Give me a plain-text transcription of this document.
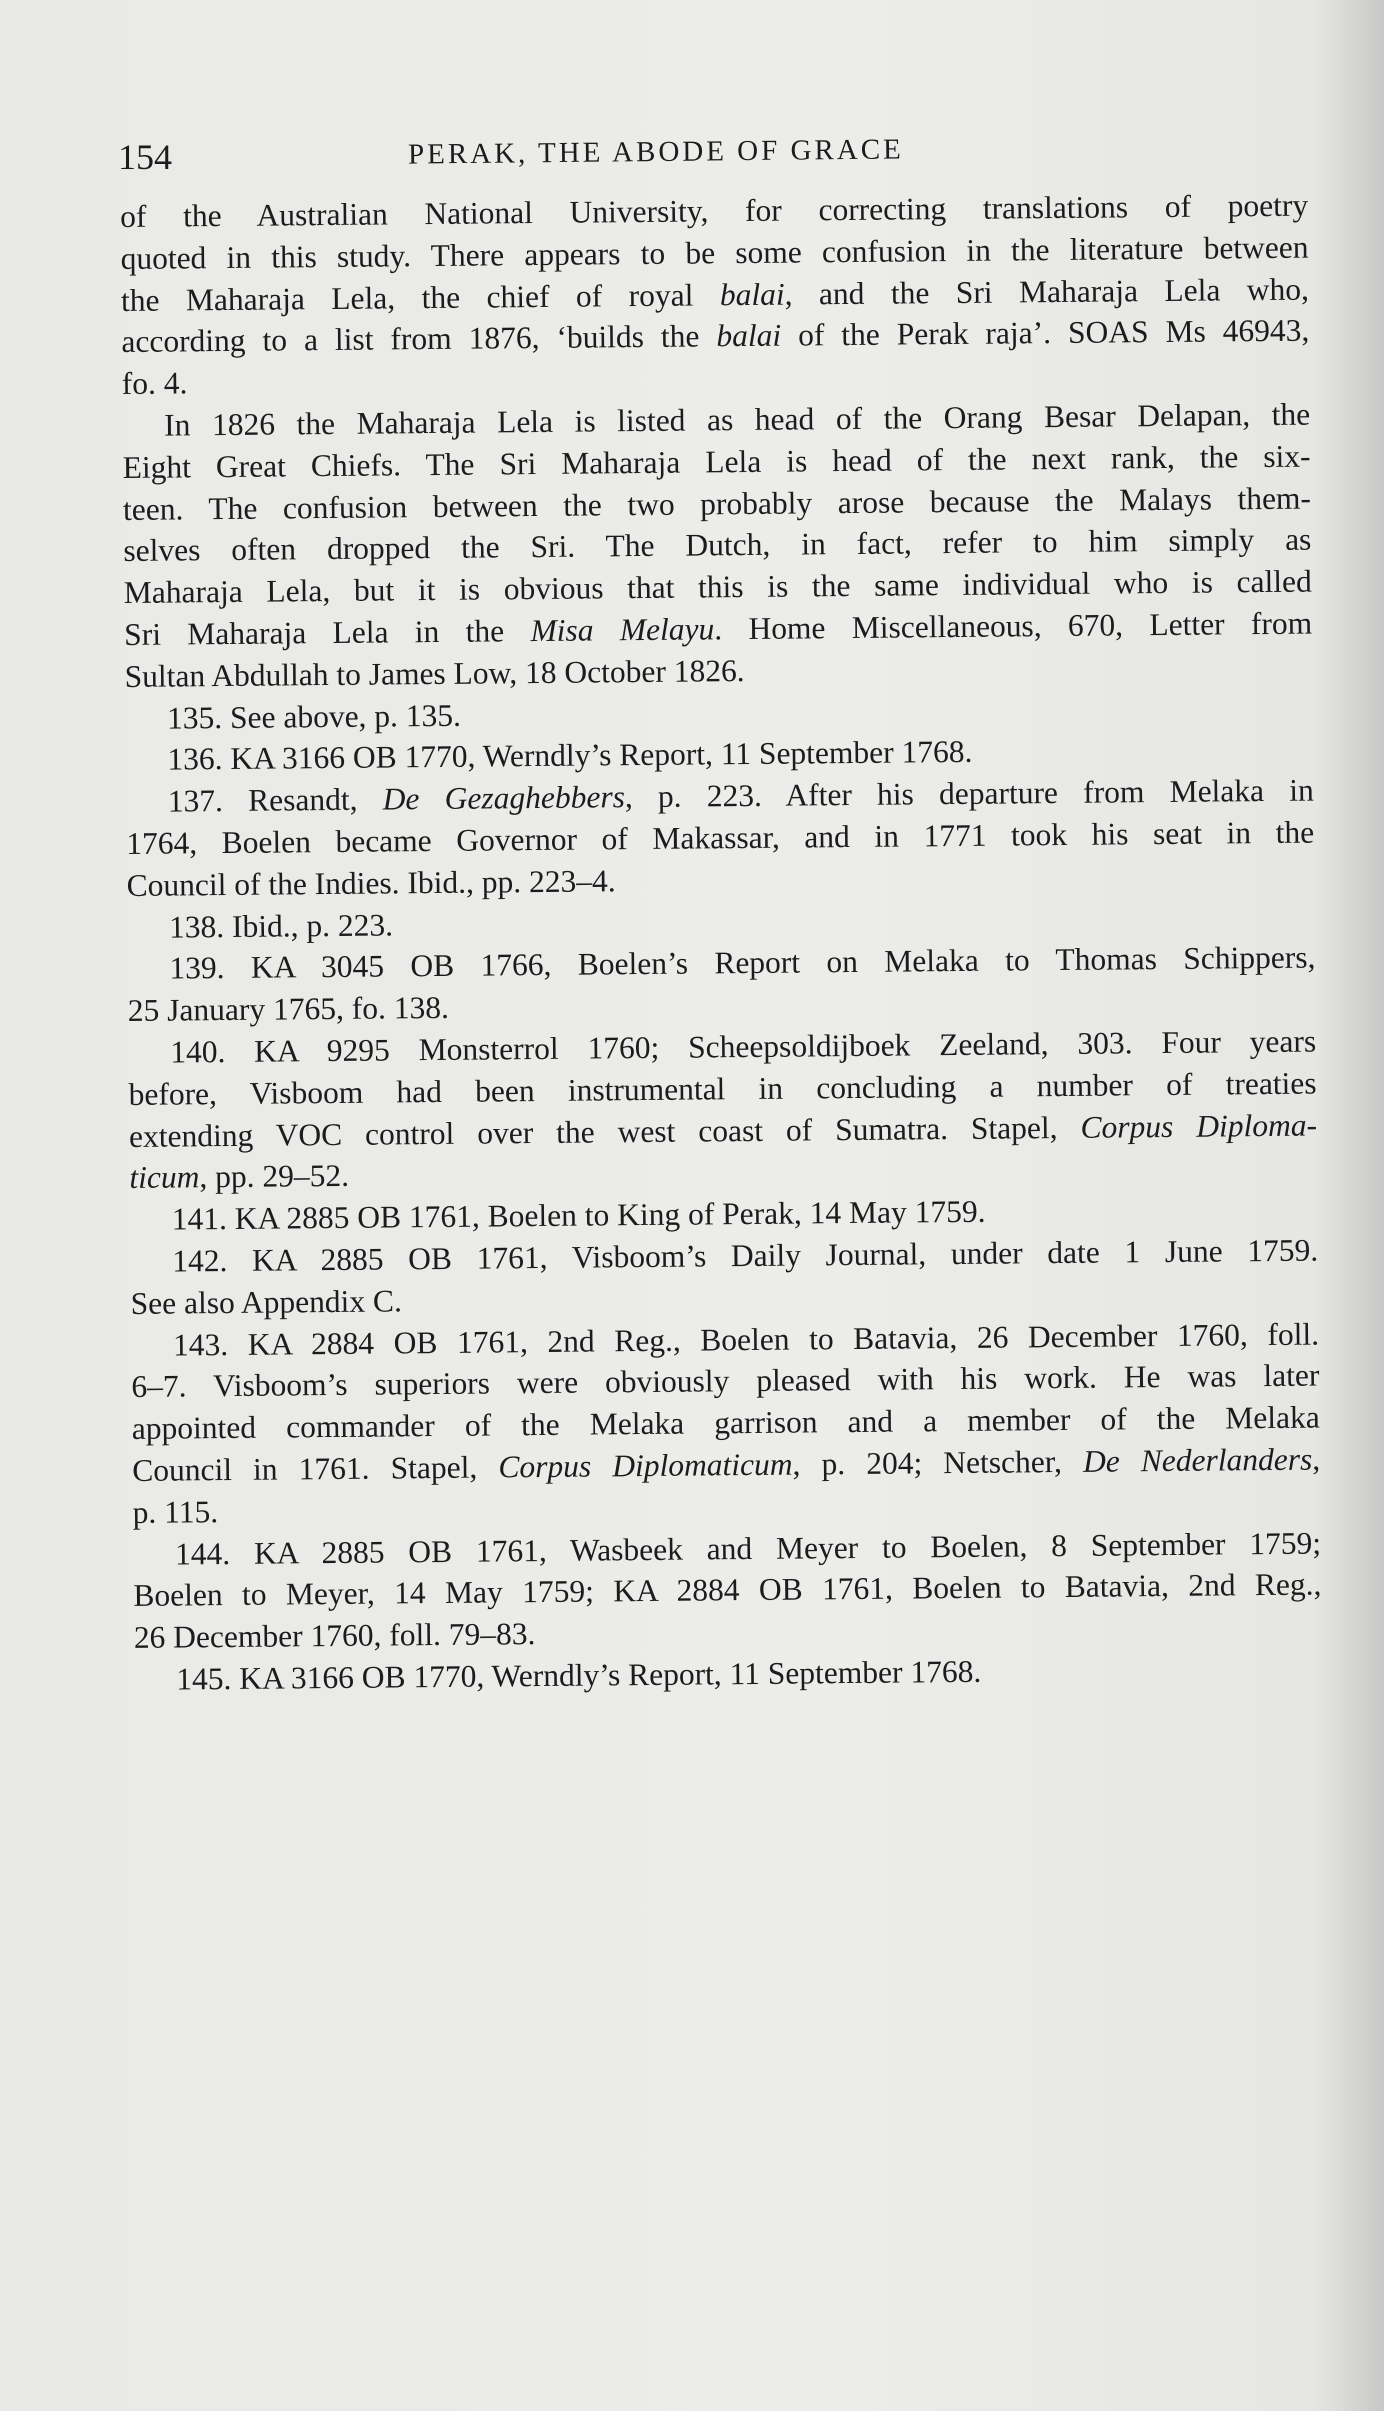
154	PERAK, THE ABODE OF GRACE
of the Australian National University, for correcting translations of poetry
quoted in this study. There appears to be some confusion in the literature between
the Maharaja Lela, the chief of royal balai, and the Sri Maharaja Lela who,
according to a list from 1876, ‘builds the balai of the Perak raja’. SOAS Ms 46943,
fo. 4.
In 1826 the Maharaja Lela is listed as head of the Orang Besar Delapan, the
Eight Great Chiefs. The Sri Maharaja Lela is head of the next rank, the six-
teen. The confusion between the two probably arose because the Malays them-
selves often dropped the Sri. The Dutch, in fact, refer to him simply as
Maharaja Lela, but it is obvious that this is the same individual who is called
Sri Maharaja Lela in the Misa Melayu. Home Miscellaneous, 670, Letter from
Sultan Abdullah to James Low, 18 October 1826.
135. See above, p. 135.
136. KA 3166 OB 1770, Werndly’s Report, 11 September 1768.
137. Resandt, De Gezaghebbers, p. 223. After his departure from Melaka in
1764, Boelen became Governor of Makassar, and in 1771 took his seat in the
Council of the Indies. Ibid., pp. 223–4.
138. Ibid., p. 223.
139. KA 3045 OB 1766, Boelen’s Report on Melaka to Thomas Schippers,
25 January 1765, fo. 138.
140. KA 9295 Monsterrol 1760; Scheepsoldijboek Zeeland, 303. Four years
before, Visboom had been instrumental in concluding a number of treaties
extending VOC control over the west coast of Sumatra. Stapel, Corpus Diploma-
ticum, pp. 29–52.
141. KA 2885 OB 1761, Boelen to King of Perak, 14 May 1759.
142. KA 2885 OB 1761, Visboom’s Daily Journal, under date 1 June 1759.
See also Appendix C.
143. KA 2884 OB 1761, 2nd Reg., Boelen to Batavia, 26 December 1760, foll.
6–7. Visboom’s superiors were obviously pleased with his work. He was later
appointed commander of the Melaka garrison and a member of the Melaka
Council in 1761. Stapel, Corpus Diplomaticum, p. 204; Netscher, De Nederlanders,
p. 115.
144. KA 2885 OB 1761, Wasbeek and Meyer to Boelen, 8 September 1759;
Boelen to Meyer, 14 May 1759; KA 2884 OB 1761, Boelen to Batavia, 2nd Reg.,
26 December 1760, foll. 79–83.
145. KA 3166 OB 1770, Werndly’s Report, 11 September 1768.
